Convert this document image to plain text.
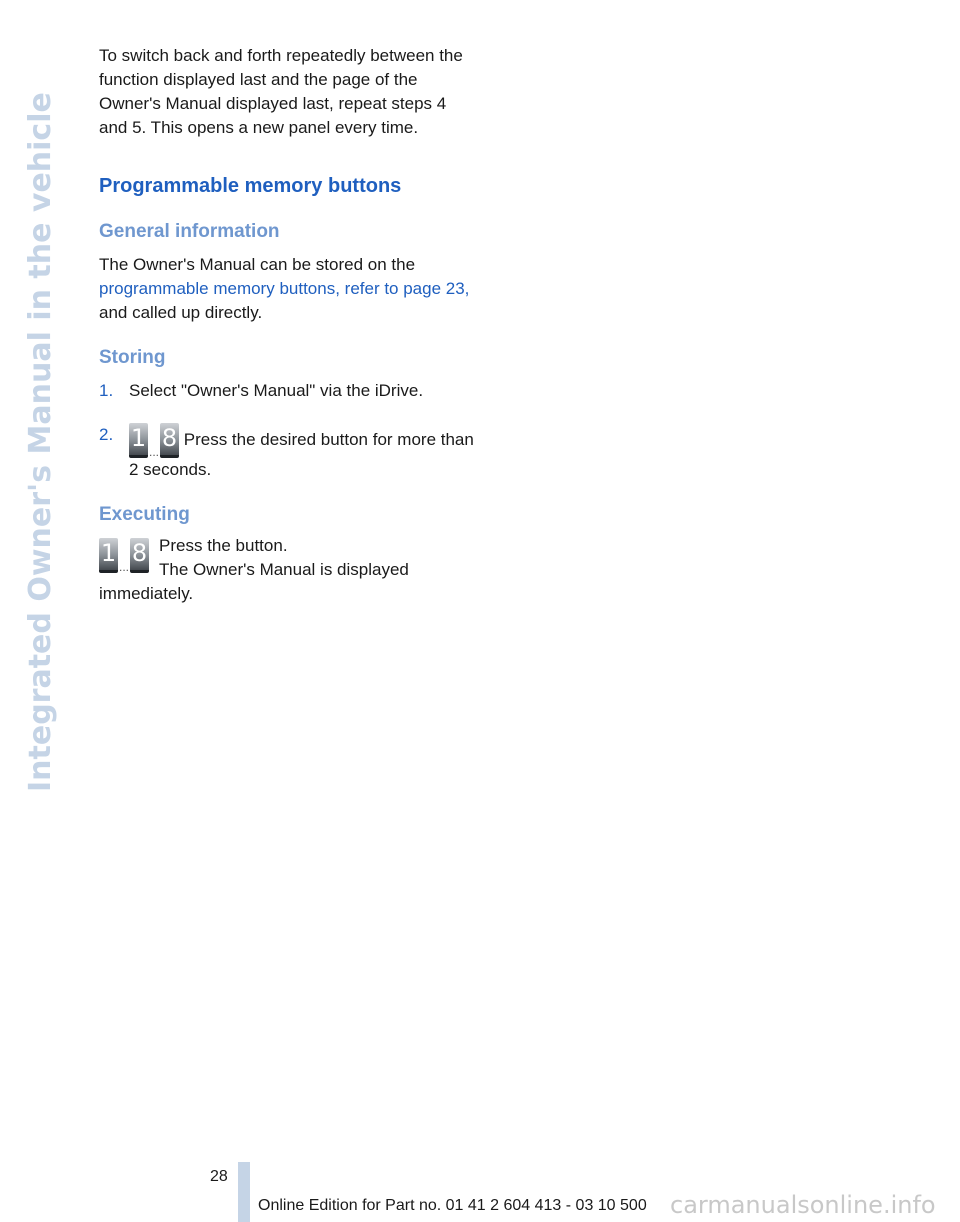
Integrated Owner's Manual in the vehicle

To switch back and forth repeatedly between the function displayed last and the page of the Owner's Manual displayed last, repeat steps 4 and 5. This opens a new panel every time.

Programmable memory buttons
General information

The Owner's Manual can be stored on the programmable memory buttons, refer to page 23, and called up directly.

Storing
1. Select "Owner's Manual" via the iDrive.
2. 1 ... 8 Press the desired button for more than 2 seconds.
Executing
1 ... 8 Press the button.

The Owner's Manual is displayed immediately.

28
Online Edition for Part no. 01 41 2 604 413 - 03 10 500 carmanualsonline.info
